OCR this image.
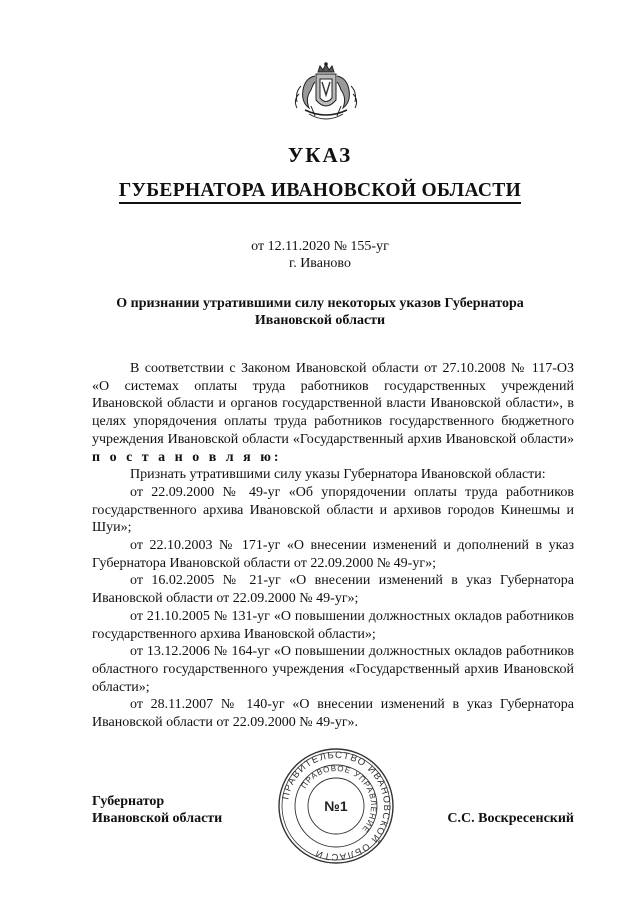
УКАЗ
ГУБЕРНАТОРА ИВАНОВСКОЙ ОБЛАСТИ
от 12.11.2020 № 155-уг
г. Иваново
О признании утратившими силу некоторых указов Губернатора
Ивановской области

В соответствии с Законом Ивановской области от 27.10.2008 № 117-ОЗ «О системах оплаты труда работников государственных учреждений Ивановской области и органов государственной власти Ивановской области», в целях упорядочения оплаты труда работников государственного бюджетного учреждения Ивановской области «Государственный архив Ивановской области» п о с т а н о в л я ю:

Признать утратившими силу указы Губернатора Ивановской области:

от 22.09.2000 № 49-уг «Об упорядочении оплаты труда работников государственного архива Ивановской области и архивов городов Кинешмы и Шуи»;

от 22.10.2003 № 171-уг «О внесении изменений и дополнений в указ Губернатора Ивановской области от 22.09.2000 № 49-уг»;

от 16.02.2005 № 21-уг «О внесении изменений в указ Губернатора Ивановской области от 22.09.2000 № 49-уг»;

от 21.10.2005 № 131-уг «О повышении должностных окладов работников государственного архива Ивановской области»;

от 13.12.2006 № 164-уг «О повышении должностных окладов работников областного государственного учреждения «Государственный архив Ивановской области»;

от 28.11.2007 № 140-уг «О внесении изменений в указ Губернатора Ивановской области от 22.09.2000 № 49-уг».

ПРАВИТЕЛЬСТВО ИВАНОВСКОЙ ОБЛАСТИ
ПРАВОВОЕ УПРАВЛЕНИЕ
№1
Губернатор
Ивановской области	С.С. Воскресенский
